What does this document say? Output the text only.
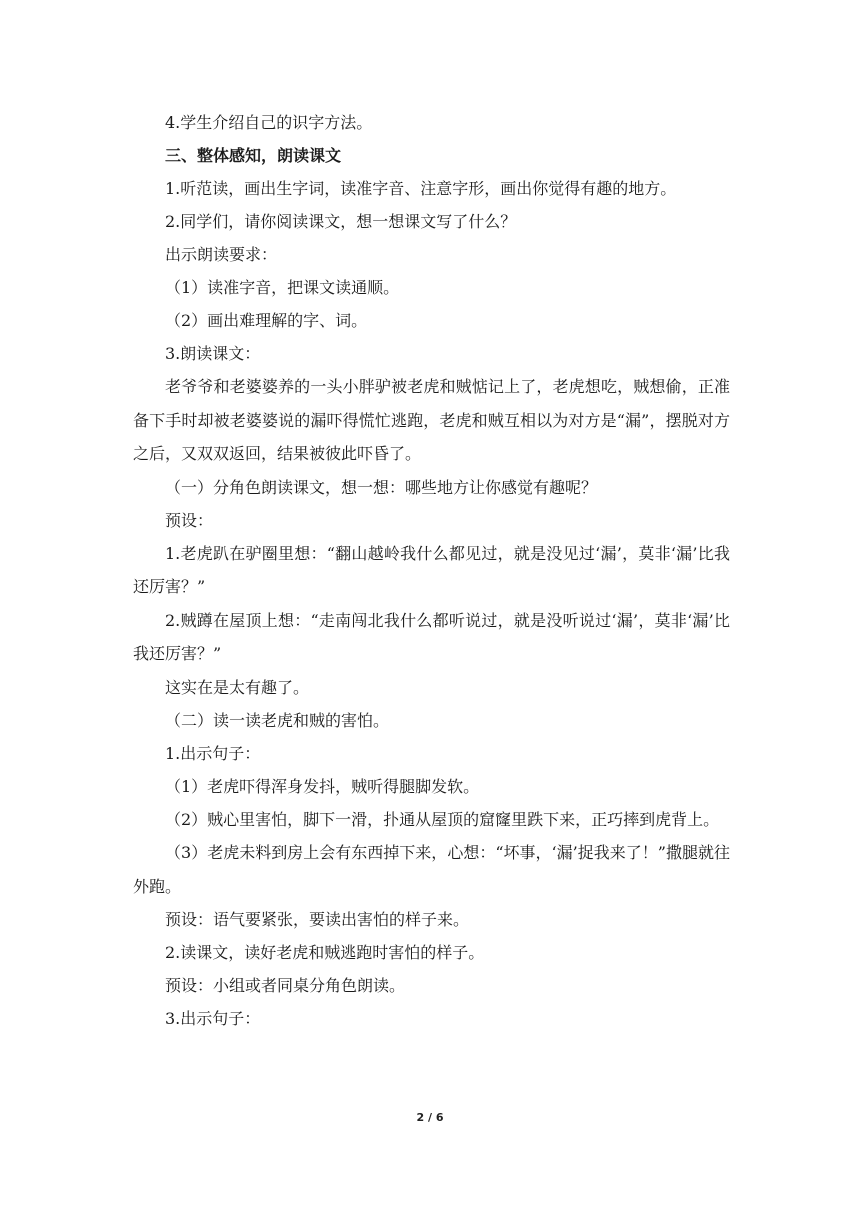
4.学生介绍自己的识字方法。

三、整体感知，朗读课文

1.听范读，画出生字词，读准字音、注意字形，画出你觉得有趣的地方。

2.同学们，请你阅读课文，想一想课文写了什么？

出示朗读要求：

（1）读准字音，把课文读通顺。

（2）画出难理解的字、词。

3.朗读课文：

老爷爷和老婆婆养的一头小胖驴被老虎和贼惦记上了，老虎想吃，贼想偷，正准备下手时却被老婆婆说的漏吓得慌忙逃跑，老虎和贼互相以为对方是“漏”，摆脱对方之后，又双双返回，结果被彼此吓昏了。

（一）分角色朗读课文，想一想：哪些地方让你感觉有趣呢？

预设：

1.老虎趴在驴圈里想：“翻山越岭我什么都见过，就是没见过‘漏’，莫非‘漏’比我还厉害？”

2.贼蹲在屋顶上想：“走南闯北我什么都听说过，就是没听说过‘漏’，莫非‘漏’比我还厉害？”

这实在是太有趣了。

（二）读一读老虎和贼的害怕。

1.出示句子：

（1）老虎吓得浑身发抖，贼听得腿脚发软。

（2）贼心里害怕，脚下一滑，扑通从屋顶的窟窿里跌下来，正巧摔到虎背上。

（3）老虎未料到房上会有东西掉下来，心想：“坏事，‘漏’捉我来了！”撒腿就往外跑。

预设：语气要紧张，要读出害怕的样子来。

2.读课文，读好老虎和贼逃跑时害怕的样子。

预设：小组或者同桌分角色朗读。

3.出示句子：

2 / 6
